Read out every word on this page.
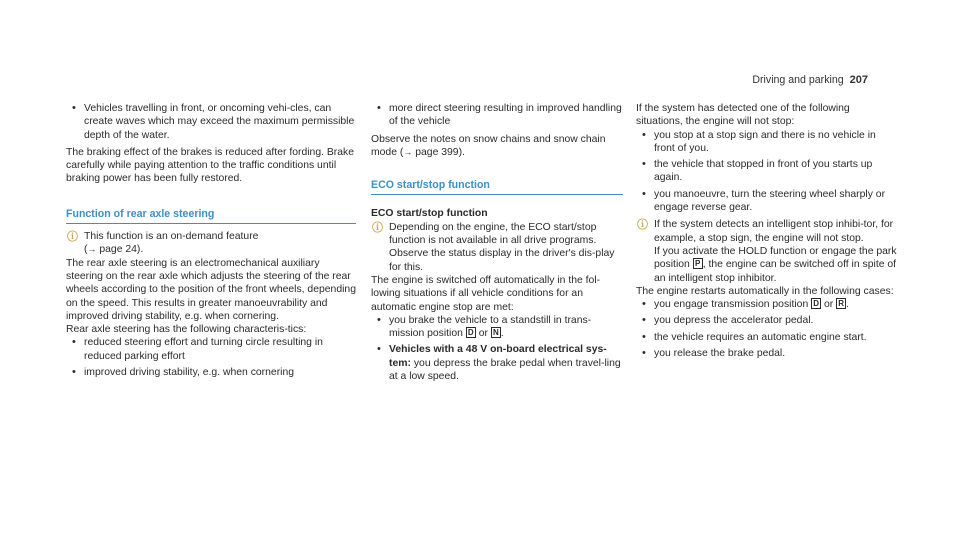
Driving and parking 207
• Vehicles travelling in front, or oncoming vehi-cles, can create waves which may exceed the maximum permissible depth of the water.

The braking effect of the brakes is reduced after fording. Brake carefully while paying attention to the traffic conditions until braking power has been fully restored.

Function of rear axle steering
ⓘ This function is an on-demand feature
(→ page 24).

The rear axle steering is an electromechanical auxiliary steering on the rear axle which adjusts the steering of the rear wheels according to the position of the front wheels, depending on the speed. This results in greater manoeuvrability and improved driving stability, e.g. when cornering.

Rear axle steering has the following characteris-tics:

• reduced steering effort and turning circle resulting in reduced parking effort
• improved driving stability, e.g. when cornering
• more direct steering resulting in improved handling of the vehicle

Observe the notes on snow chains and snow chain mode (→ page 399).

ECO start/stop function
ECO start/stop function
ⓘ Depending on the engine, the ECO start/stop function is not available in all drive programs. Observe the status display in the driver's dis-play for this.

The engine is switched off automatically in the fol-lowing situations if all vehicle conditions for an automatic engine stop are met:

• you brake the vehicle to a standstill in trans-mission position D or N .
• Vehicles with a 48 V on-board electrical sys-tem: you depress the brake pedal when travel-ling at a low speed.

If the system has detected one of the following situations, the engine will not stop:

• you stop at a stop sign and there is no vehicle in front of you.
• the vehicle that stopped in front of you starts up again.
• you manoeuvre, turn the steering wheel sharply or engage reverse gear.
ⓘ If the system detects an intelligent stop inhibi-tor, for example, a stop sign, the engine will not stop.
If you activate the HOLD function or engage the park position P , the engine can be switched off in spite of an intelligent stop inhibitor.

The engine restarts automatically in the following cases:

• you engage transmission position D or R .
• you depress the accelerator pedal.
• the vehicle requires an automatic engine start.
• you release the brake pedal.
